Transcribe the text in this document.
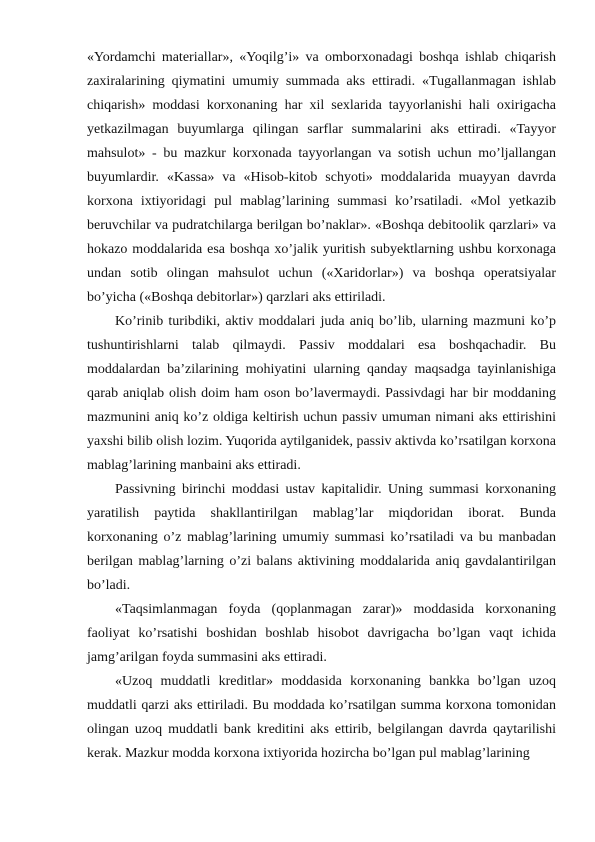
«Yordamchi materiallar», «Yoqilg’i» va omborxonadagi boshqa ishlab chiqarish zaxiralarining qiymatini umumiy summada aks ettiradi. «Tugallanmagan ishlab chiqarish» moddasi korxonaning har xil sexlarida tayyorlanishi hali oxirigacha yetkazilmagan buyumlarga qilingan sarflar summalarini aks ettiradi. «Tayyor mahsulot» - bu mazkur korxonada tayyorlangan va sotish uchun mo’ljallangan buyumlardir. «Kassa» va «Hisob-kitob schyoti» moddalarida muayyan davrda korxona ixtiyoridagi pul mablag’larining summasi ko’rsatiladi. «Mol yetkazib beruvchilar va pudratchilarga berilgan bo’naklar». «Boshqa debitoolik qarzlari» va hokazo moddalarida esa boshqa xo’jalik yuritish subyektlarning ushbu korxonaga undan sotib olingan mahsulot uchun («Xaridorlar») va boshqa operatsiyalar bo’yicha («Boshqa debitorlar») qarzlari aks ettiriladi.

Ko’rinib turibdiki, aktiv moddalari juda aniq bo’lib, ularning mazmuni ko’p tushuntirishlarni talab qilmaydi. Passiv moddalari esa boshqachadir. Bu moddalardan ba’zilarining mohiyatini ularning qanday maqsadga tayinlanishiga qarab aniqlab olish doim ham oson bo’lavermaydi. Passivdagi har bir moddaning mazmunini aniq ko’z oldiga keltirish uchun passiv umuman nimani aks ettirishini yaxshi bilib olish lozim. Yuqorida aytilganidek, passiv aktivda ko’rsatilgan korxona mablag’larining manbaini aks ettiradi.

Passivning birinchi moddasi ustav kapitalidir. Uning summasi korxonaning yaratilish paytida shakllantirilgan mablag’lar miqdoridan iborat. Bunda korxonaning o’z mablag’larining umumiy summasi ko’rsatiladi va bu manbadan berilgan mablag’larning o’zi balans aktivining moddalarida aniq gavdalantirilgan bo’ladi.

«Taqsimlanmagan foyda (qoplanmagan zarar)» moddasida korxonaning faoliyat ko’rsatishi boshidan boshlab hisobot davrigacha bo’lgan vaqt ichida jamg’arilgan foyda summasini aks ettiradi.

«Uzoq muddatli kreditlar» moddasida korxonaning bankka bo’lgan uzoq muddatli qarzi aks ettiriladi. Bu moddada ko’rsatilgan summa korxona tomonidan olingan uzoq muddatli bank kreditini aks ettirib, belgilangan davrda qaytarilishi kerak. Mazkur modda korxona ixtiyorida hozircha bo’lgan pul mablag’larining
